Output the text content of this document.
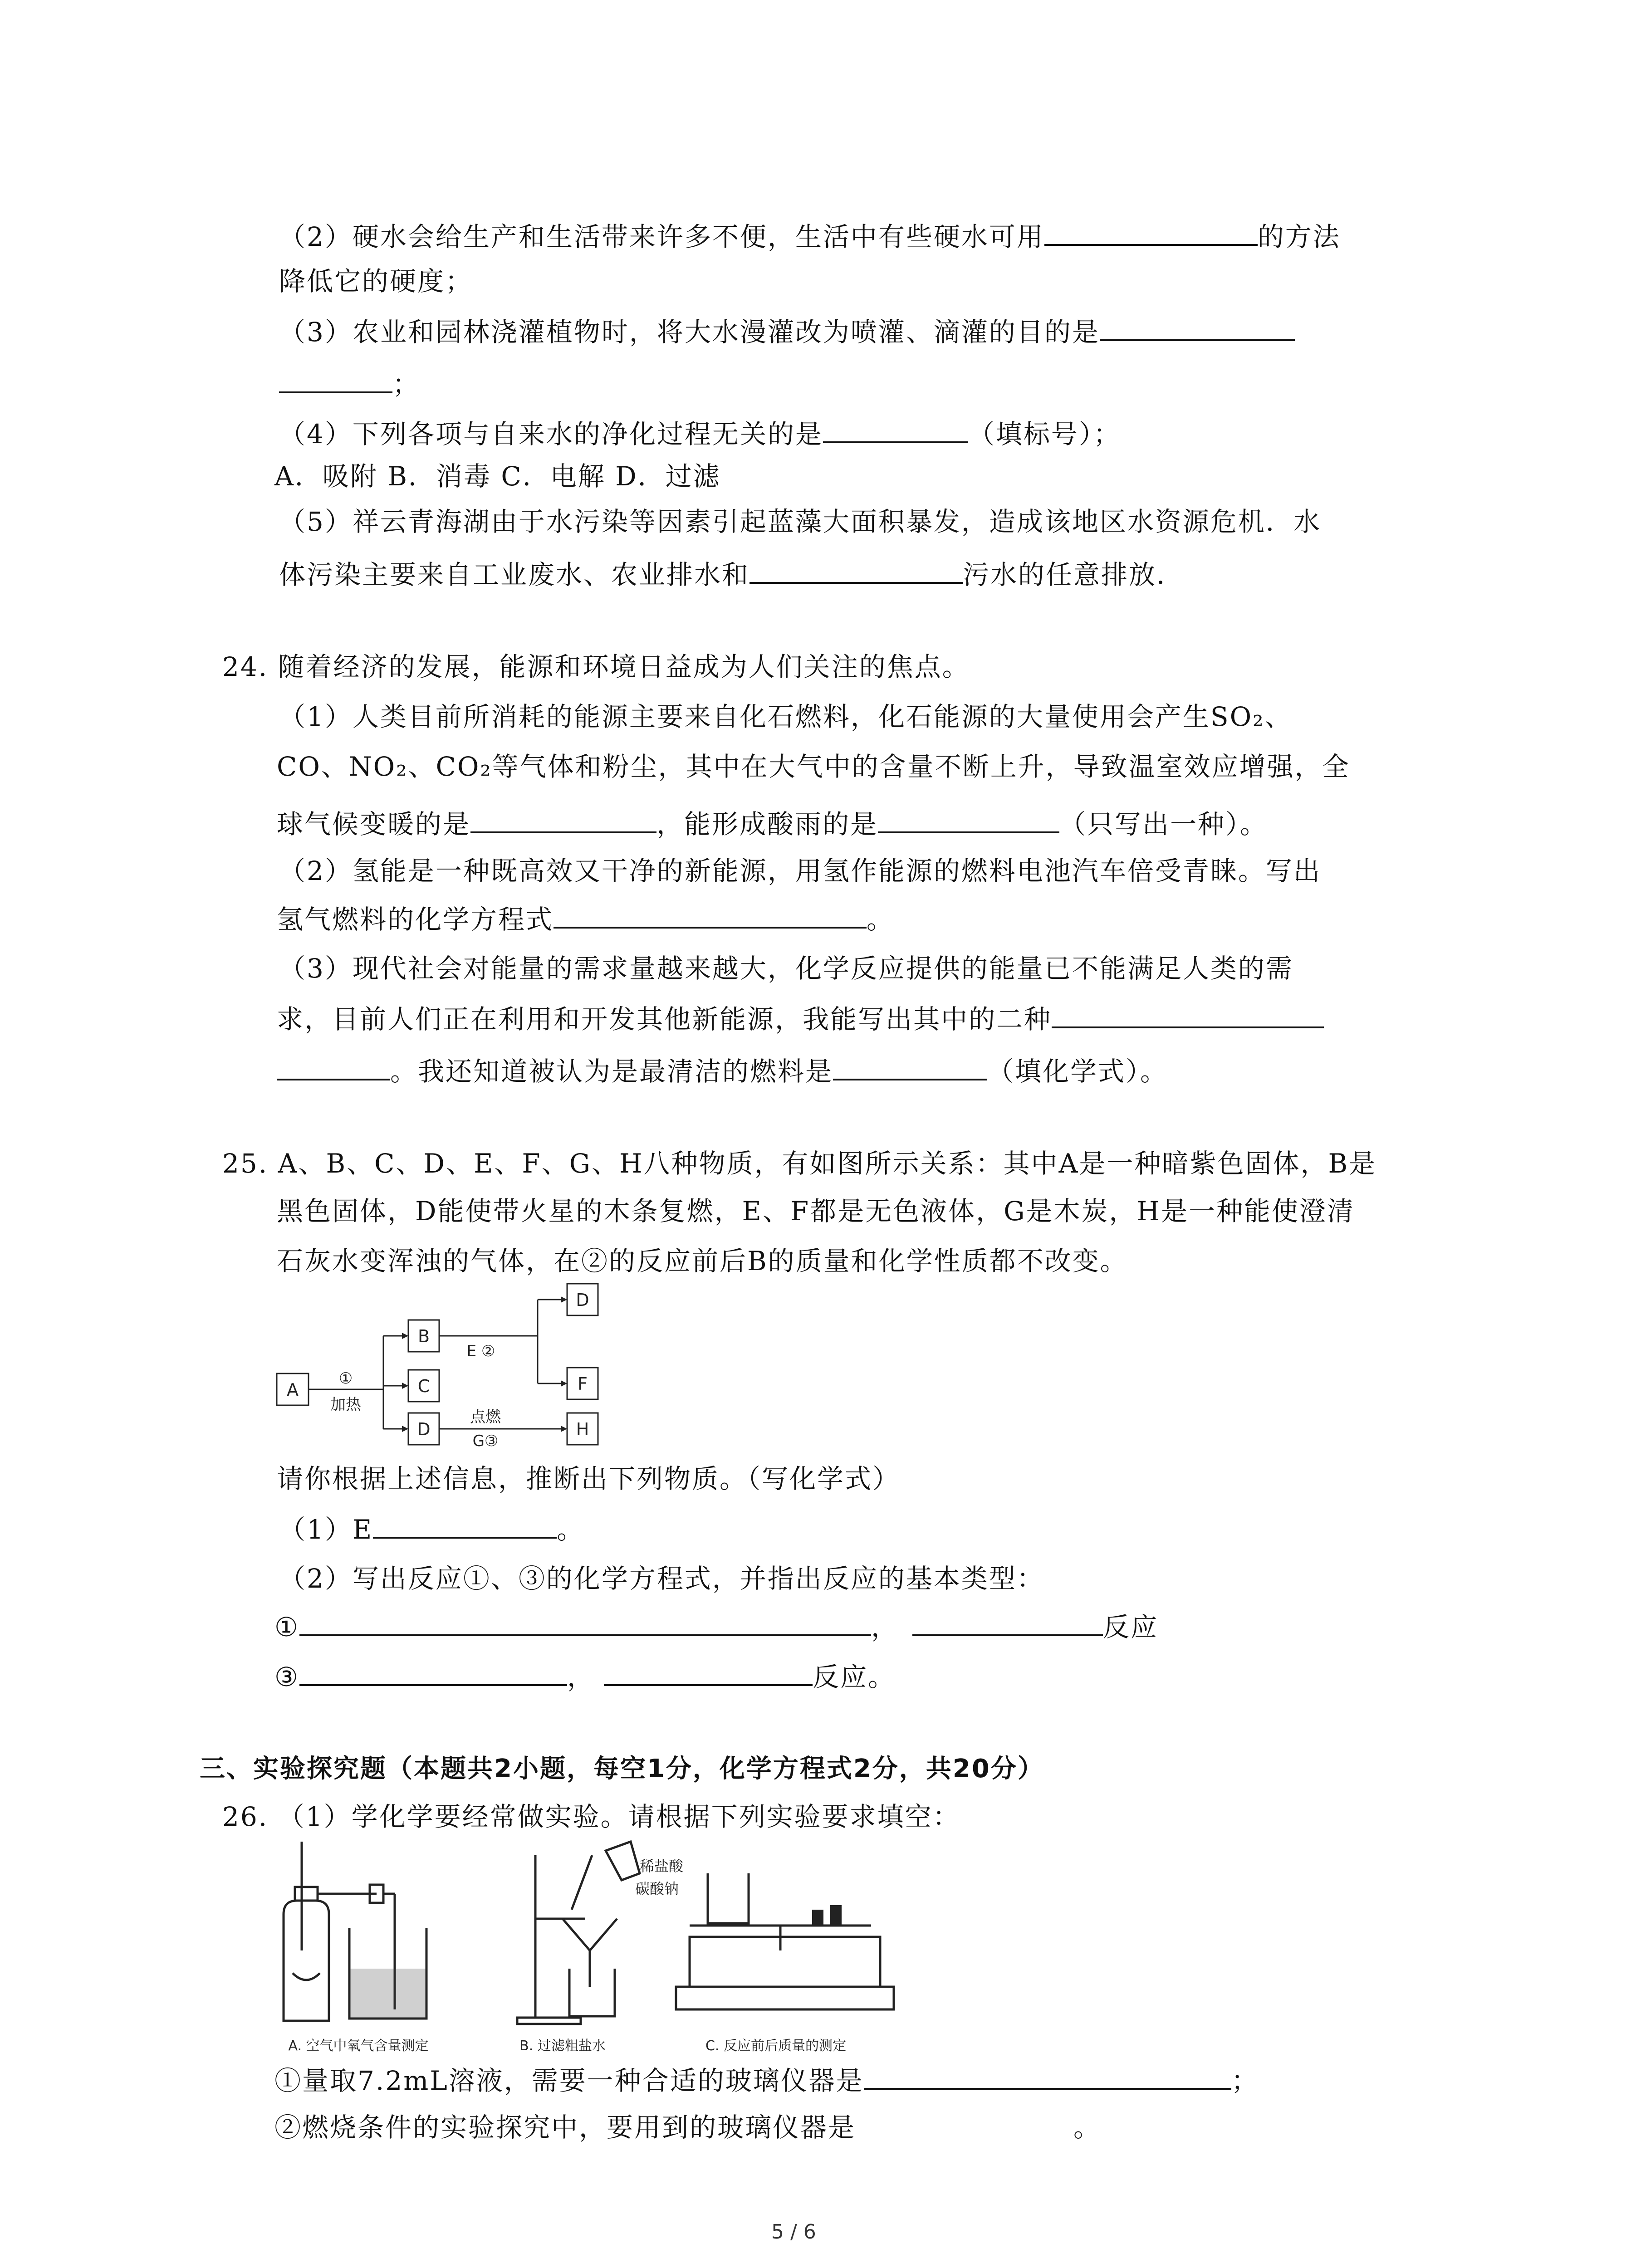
（2）硬水会给生产和生活带来许多不便，生活中有些硬水可用	的方法
降低它的硬度；
（3）农业和园林浇灌植物时，将大水漫灌改为喷灌、滴灌的目的是
；
（4）下列各项与自来水的净化过程无关的是	（填标号）；
A．吸附 B．消毒 C．电解 D．过滤
（5）祥云青海湖由于水污染等因素引起蓝藻大面积暴发，造成该地区水资源危机．水
体污染主要来自工业废水、农业排水和	污水的任意排放．
24. 随着经济的发展，能源和环境日益成为人们关注的焦点。
（1）人类目前所消耗的能源主要来自化石燃料，化石能源的大量使用会产生SO₂、
CO、NO₂、CO₂等气体和粉尘，其中在大气中的含量不断上升，导致温室效应增强，全
球气候变暖的是	，能形成酸雨的是	（只写出一种）。
（2）氢能是一种既高效又干净的新能源，用氢作能源的燃料电池汽车倍受青睐。写出
氢气燃料的化学方程式	。
（3）现代社会对能量的需求量越来越大，化学反应提供的能量已不能满足人类的需
求，目前人们正在利用和开发其他新能源，我能写出其中的二种
。我还知道被认为是最清洁的燃料是	（填化学式）。
25. A、B、C、D、E、F、G、H八种物质，有如图所示关系：其中A是一种暗紫色固体，B是
黑色固体，D能使带火星的木条复燃，E、F都是无色液体，G是木炭，H是一种能使澄清
石灰水变浑浊的气体，在②的反应前后B的质量和化学性质都不改变。
A
B
C
D
D
F
H
①
加热
E ②
点燃
G③
请你根据上述信息，推断出下列物质。（写化学式）
（1）E	。
（2）写出反应①、③的化学方程式，并指出反应的基本类型：
①	，	反应
③	，	反应。
三、实验探究题（本题共2小题，每空1分，化学方程式2分，共20分）
26. （1）学化学要经常做实验。请根据下列实验要求填空：
稀盐酸
碳酸钠
A. 空气中氧气含量测定	B. 过滤粗盐水	C. 反应前后质量的测定
①量取7.2mL溶液，需要一种合适的玻璃仪器是	；
②燃烧条件的实验探究中，要用到的玻璃仪器是	。
5 / 6
